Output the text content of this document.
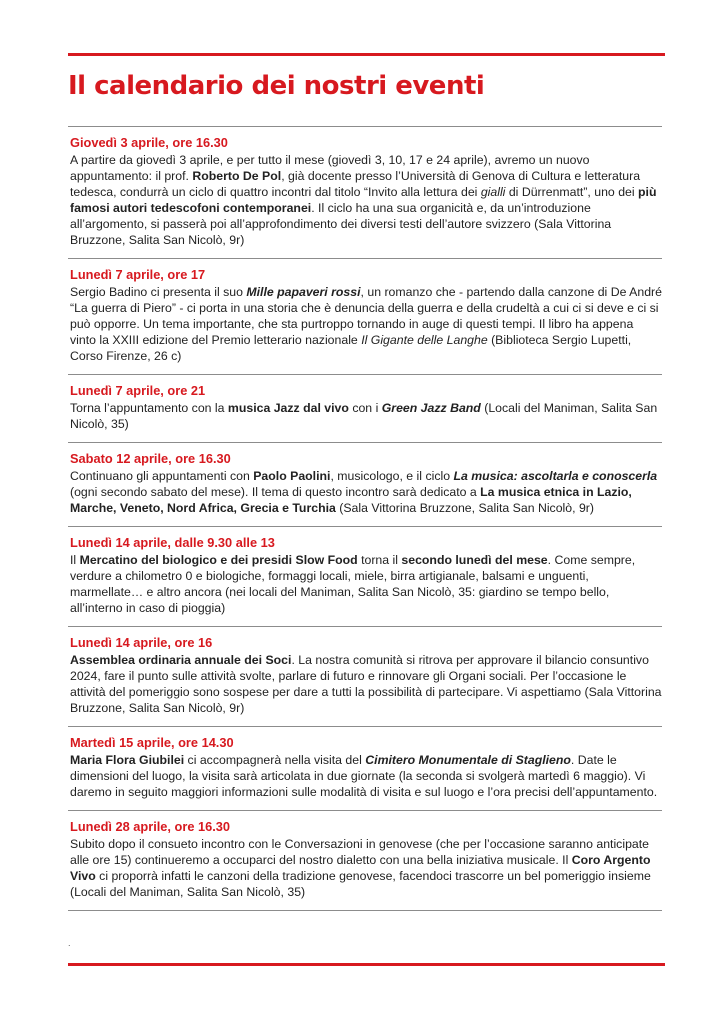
Il calendario dei nostri eventi

Giovedì 3 aprile, ore 16.30

A partire da giovedì 3 aprile, e per tutto il mese (giovedì 3, 10, 17 e 24 aprile), avremo un nuovo appuntamento: il prof. Roberto De Pol, già docente presso l’Università di Genova di Cultura e letteratura tedesca, condurrà un ciclo di quattro incontri dal titolo “Invito alla lettura dei gialli di Dürrenmatt”, uno dei più famosi autori tedescofoni contemporanei. Il ciclo ha una sua organicità e, da un’introduzione all’argomento, si passerà poi all’approfondimento dei diversi testi dell’autore svizzero (Sala Vittorina Bruzzone, Salita San Nicolò, 9r)

Lunedì 7 aprile, ore 17

Sergio Badino ci presenta il suo Mille papaveri rossi, un romanzo che - partendo dalla canzone di De André “La guerra di Piero” - ci porta in una storia che è denuncia della guerra e della crudeltà a cui ci si deve e ci si può opporre. Un tema importante, che sta purtroppo tornando in auge di questi tempi. Il libro ha appena vinto la XXIII edizione del Premio letterario nazionale Il Gigante delle Langhe (Biblioteca Sergio Lupetti, Corso Firenze, 26 c)

Lunedì 7 aprile, ore 21

Torna l’appuntamento con la musica Jazz dal vivo con i Green Jazz Band (Locali del Maniman, Salita San Nicolò, 35)

Sabato 12 aprile, ore 16.30

Continuano gli appuntamenti con Paolo Paolini, musicologo, e il ciclo La musica: ascoltarla e conoscerla (ogni secondo sabato del mese). Il tema di questo incontro sarà dedicato a La musica etnica in Lazio, Marche, Veneto, Nord Africa, Grecia e Turchia (Sala Vittorina Bruzzone, Salita San Nicolò, 9r)

Lunedì 14 aprile, dalle 9.30 alle 13

Il Mercatino del biologico e dei presidi Slow Food torna il secondo lunedì del mese. Come sempre, verdure a chilometro 0 e biologiche, formaggi locali, miele, birra artigianale, balsami e unguenti, marmellate… e altro ancora (nei locali del Maniman, Salita San Nicolò, 35: giardino se tempo bello, all’interno in caso di pioggia)

Lunedì 14 aprile, ore 16

Assemblea ordinaria annuale dei Soci. La nostra comunità si ritrova per approvare il bilancio consuntivo 2024, fare il punto sulle attività svolte, parlare di futuro e rinnovare gli Organi sociali. Per l’occasione le attività del pomeriggio sono sospese per dare a tutti la possibilità di partecipare. Vi aspettiamo (Sala Vittorina Bruzzone, Salita San Nicolò, 9r)

Martedì 15 aprile, ore 14.30

Maria Flora Giubilei ci accompagnerà nella visita del Cimitero Monumentale di Staglieno. Date le dimensioni del luogo, la visita sarà articolata in due giornate (la seconda si svolgerà martedì 6 maggio). Vi daremo in seguito maggiori informazioni sulle modalità di visita e sul luogo e l’ora precisi dell’appuntamento.

Lunedì 28 aprile, ore 16.30

Subito dopo il consueto incontro con le Conversazioni in genovese (che per l’occasione saranno anticipate alle ore 15) continueremo a occuparci del nostro dialetto con una bella iniziativa musicale. Il Coro Argento Vivo ci proporrà infatti le canzoni della tradizione genovese, facendoci trascorre un bel pomeriggio insieme (Locali del Maniman, Salita San Nicolò, 35)

.
